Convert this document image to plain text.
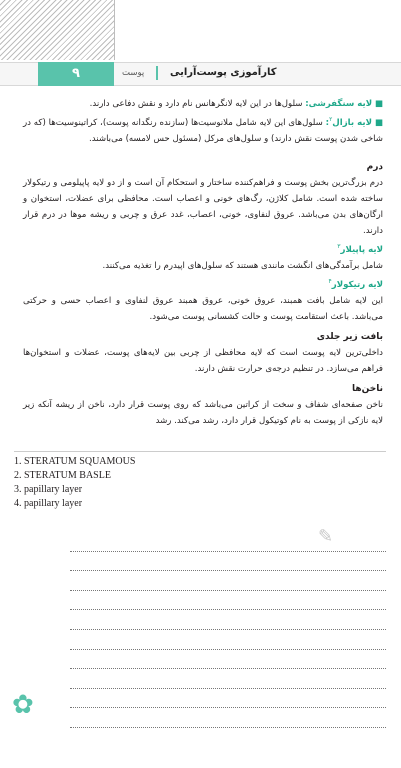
۹	پوست	کارآموزی پوست‌آرایی

■ لایه سنگفرشی: سلول‌ها در این لایه لانگرهانس نام دارد و نقش دفاعی دارند.

■ لایه بازال$^۲$: سلول‌های این لایه شامل ملانوسیت‌ها (سازنده رنگدانه پوست)، کراتینوسیت‌ها (که در شاخی شدن پوست نقش دارند) و سلول‌های مرکل (مسئول حس لامسه) می‌باشند.

درم

درم بزرگ‌ترین بخش پوست و فراهم‌کننده ساختار و استحکام آن است و از دو لایه پاپیلومی و رتیکولار ساخته شده است. شامل کلاژن، رگ‌های خونی و اعصاب است. محافظی برای عضلات، استخوان و ارگان‌های بدن می‌باشد. عروق لنفاوی، خونی، اعصاب، غدد عرق و چربی و ریشه موها در درم قرار دارند.

لایه پاپیلار$^۳$

شامل برآمدگی‌های انگشت مانندی هستند که سلول‌های اپیدرم را تغذیه می‌کنند.

لایه رتیکولار$^۴$

این لایه شامل بافت همبند، عروق خونی، عروق همبند عروق لنفاوی و اعصاب حسی و حرکتی می‌باشد. باعث استقامت پوست و حالت کشسانی پوست می‌شود.

بافت زیر جلدی

داخلی‌ترین لایه پوست است که لایه محافظی از چربی بین لایه‌های پوست، عضلات و استخوان‌ها فراهم می‌سازد. در تنظیم درجه‌ی حرارت نقش دارند.

ناخن‌ها

ناخن صفحه‌ای شفاف و سخت از کراتین می‌باشد که روی پوست قرار دارد، ناخن از ریشه آنکه زیر لایه نازکی از پوست به نام کوتیکول قرار دارد، رشد می‌کند. رشد

1. STERATUM SQUAMOUS

2. STERATUM BASLE

3. papillary layer

4. papillary layer

✎
✿
